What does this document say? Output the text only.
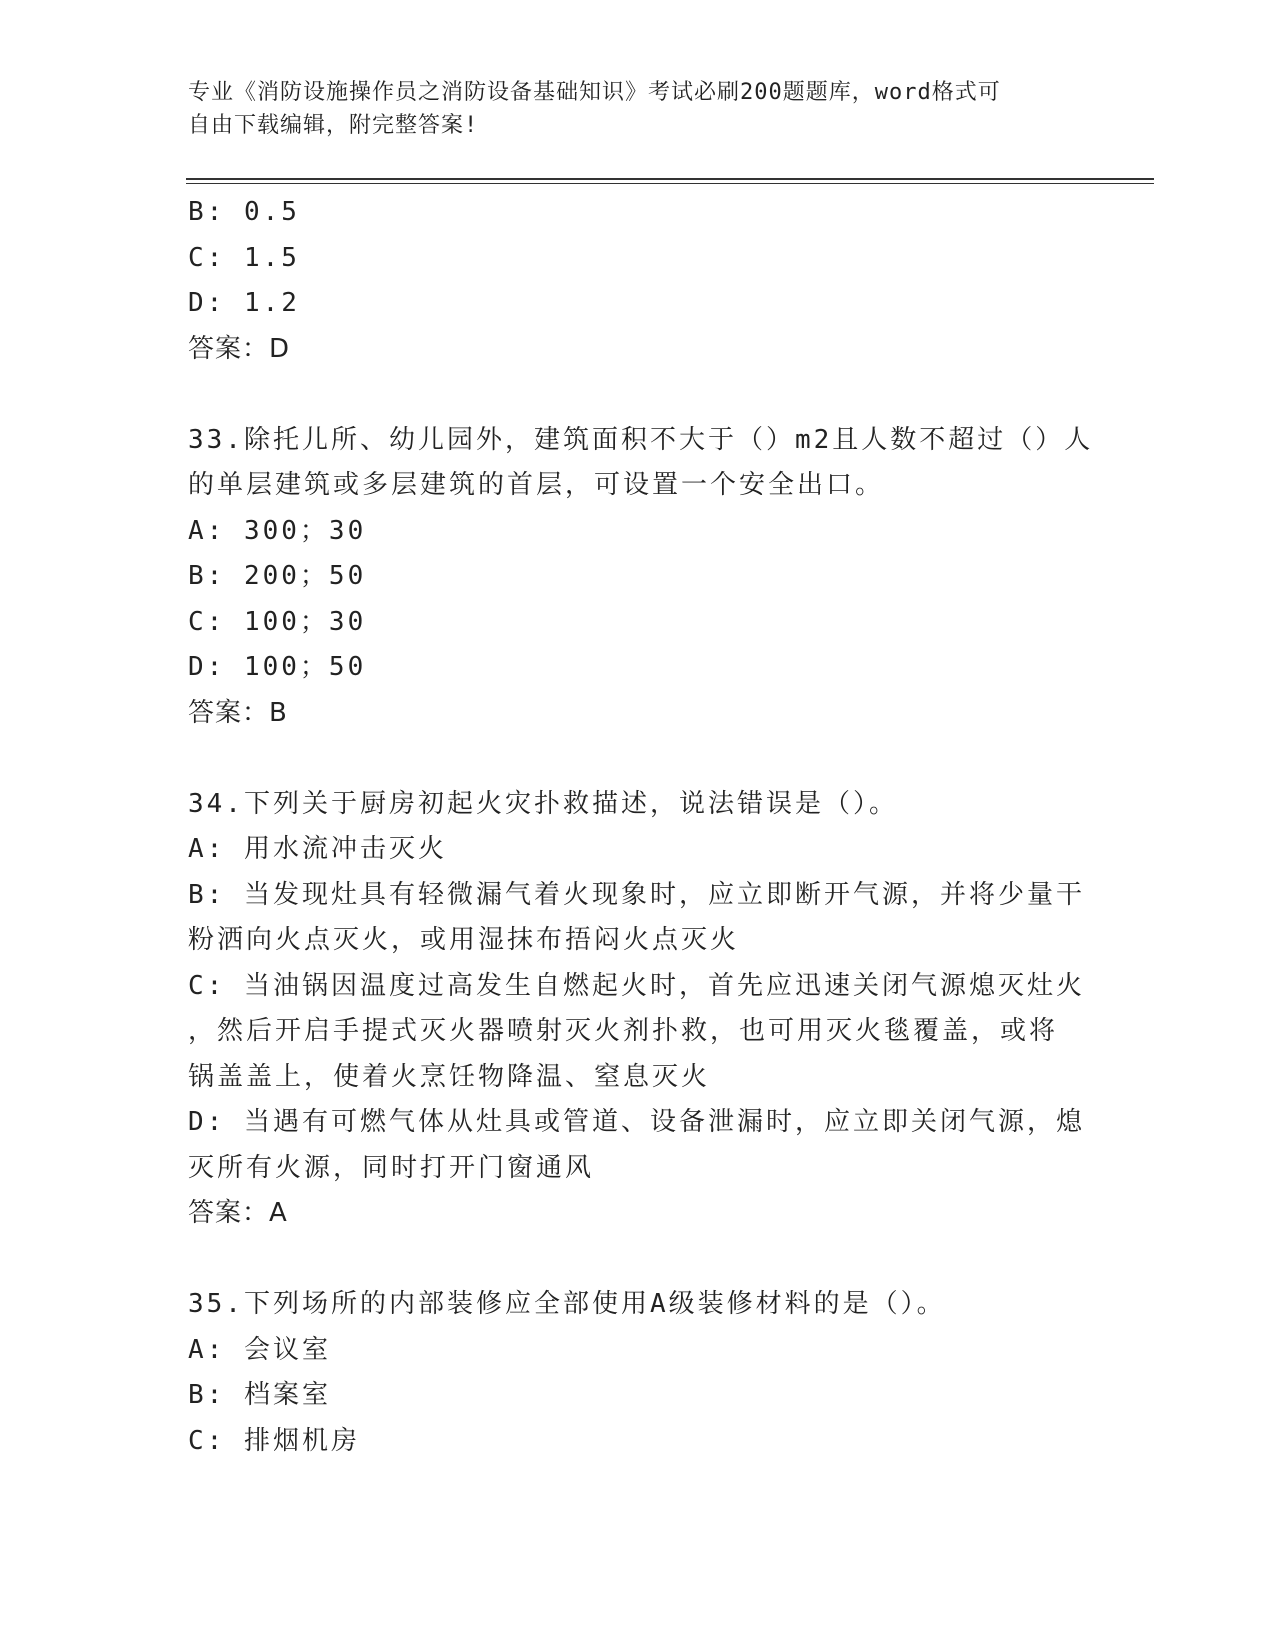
专业《消防设施操作员之消防设备基础知识》考试必刷200题题库，word格式可
自由下载编辑，附完整答案!
B: 0.5
C: 1.5
D: 1.2
答案：D
33.除托儿所、幼儿园外，建筑面积不大于（）m2且人数不超过（）人
的单层建筑或多层建筑的首层，可设置一个安全出口。
A: 300；30
B: 200；50
C: 100；30
D: 100；50
答案：B
34.下列关于厨房初起火灾扑救描述，说法错误是（）。
A: 用水流冲击灭火
B: 当发现灶具有轻微漏气着火现象时，应立即断开气源，并将少量干
粉洒向火点灭火，或用湿抹布捂闷火点灭火
C: 当油锅因温度过高发生自燃起火时，首先应迅速关闭气源熄灭灶火
，然后开启手提式灭火器喷射灭火剂扑救，也可用灭火毯覆盖，或将
锅盖盖上，使着火烹饪物降温、窒息灭火
D: 当遇有可燃气体从灶具或管道、设备泄漏时，应立即关闭气源，熄
灭所有火源，同时打开门窗通风
答案：A
35.下列场所的内部装修应全部使用A级装修材料的是（）。
A: 会议室
B: 档案室
C: 排烟机房
